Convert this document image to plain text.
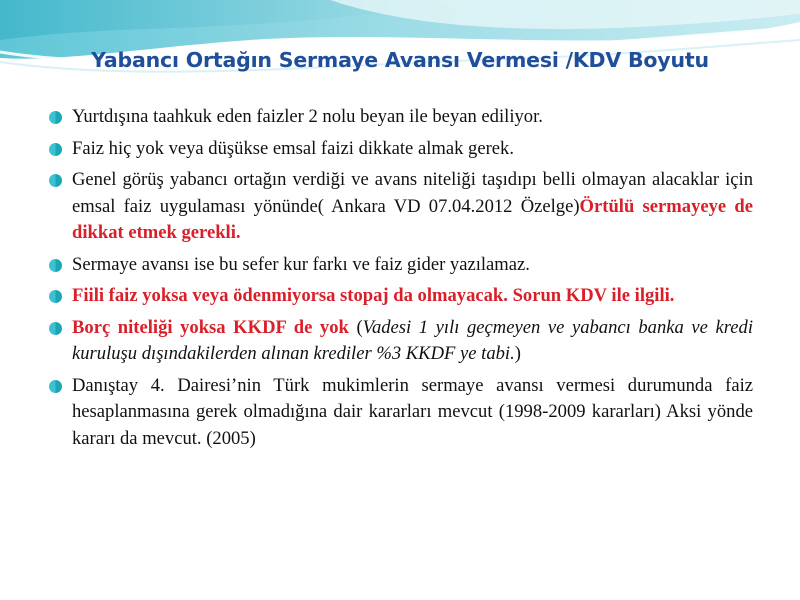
Yabancı Ortağın Sermaye Avansı Vermesi /KDV Boyutu
Yurtdışına taahkuk eden faizler 2 nolu beyan ile beyan ediliyor.
Faiz hiç yok veya düşükse emsal faizi dikkate almak gerek.
Genel görüş yabancı ortağın verdiği ve avans niteliği taşıdıpı belli olmayan alacaklar için emsal faiz uygulaması yönünde( Ankara VD 07.04.2012 Özelge)Örtülü sermayeye de dikkat etmek gerekli.
Sermaye avansı ise bu sefer kur farkı ve faiz gider yazılamaz.
Fiili faiz yoksa veya ödenmiyorsa stopaj da olmayacak. Sorun KDV ile ilgili.
Borç niteliği yoksa KKDF de yok (Vadesi 1 yılı geçmeyen ve yabancı banka ve kredi kuruluşu dışındakilerden alınan krediler %3 KKDF ye tabi.)
Danıştay 4. Dairesi’nin Türk mukimlerin sermaye avansı vermesi durumunda faiz hesaplanmasına gerek olmadığına dair kararları mevcut (1998-2009 kararları) Aksi yönde kararı da mevcut. (2005)
